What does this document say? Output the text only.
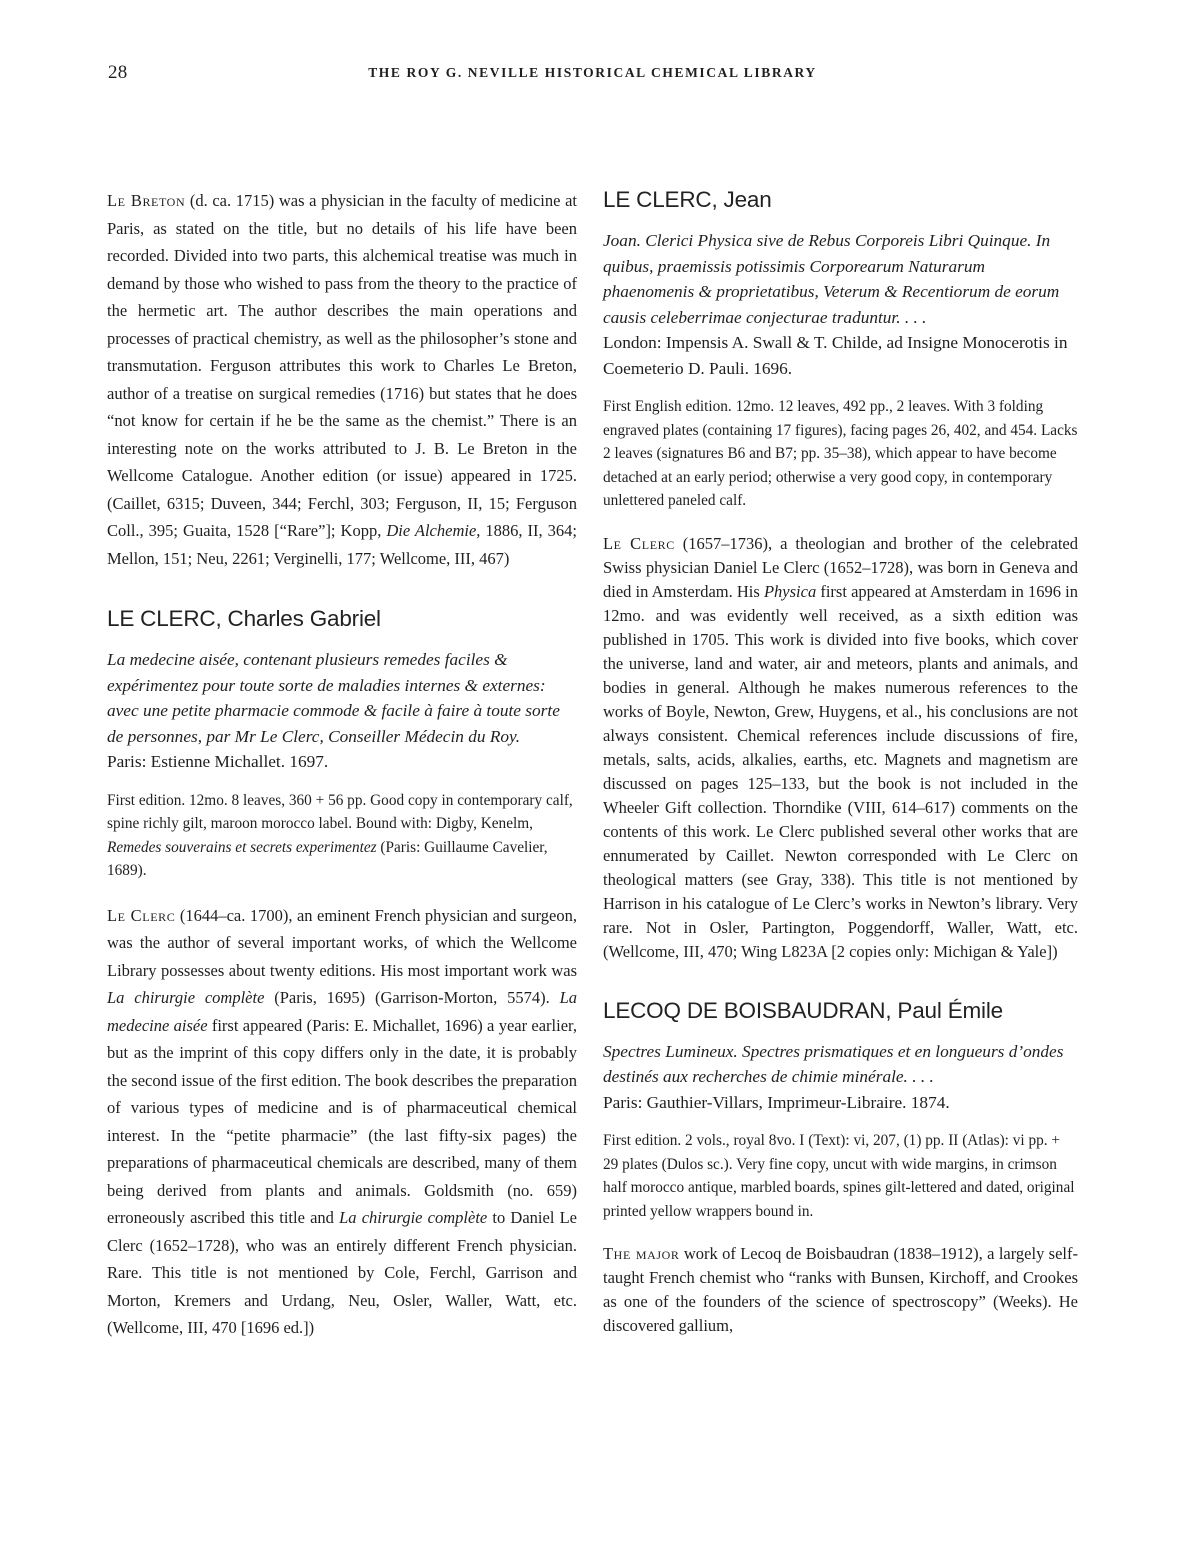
28	THE ROY G. NEVILLE HISTORICAL CHEMICAL LIBRARY

Le Breton (d. ca. 1715) was a physician in the faculty of medicine at Paris, as stated on the title, but no details of his life have been recorded. Divided into two parts, this alchemical treatise was much in demand by those who wished to pass from the theory to the practice of the hermetic art. The author describes the main operations and processes of practical chemistry, as well as the philosopher’s stone and transmutation. Ferguson attributes this work to Charles Le Breton, author of a treatise on surgical remedies (1716) but states that he does “not know for certain if he be the same as the chemist.” There is an interesting note on the works attributed to J. B. Le Breton in the Wellcome Catalogue. Another edition (or issue) appeared in 1725. (Caillet, 6315; Duveen, 344; Ferchl, 303; Ferguson, II, 15; Ferguson Coll., 395; Guaita, 1528 [“Rare”]; Kopp, Die Alchemie, 1886, II, 364; Mellon, 151; Neu, 2261; Verginelli, 177; Wellcome, III, 467)

LE CLERC, Charles Gabriel

La medecine aisée, contenant plusieurs remedes faciles & expérimentez pour toute sorte de maladies internes & externes: avec une petite pharmacie commode & facile à faire à toute sorte de personnes, par Mr Le Clerc, Conseiller Médecin du Roy.
Paris: Estienne Michallet. 1697.

First edition. 12mo. 8 leaves, 360 + 56 pp. Good copy in contemporary calf, spine richly gilt, maroon morocco label. Bound with: Digby, Kenelm, Remedes souverains et secrets experimentez (Paris: Guillaume Cavelier, 1689).

Le Clerc (1644–ca. 1700), an eminent French physician and surgeon, was the author of several important works, of which the Wellcome Library possesses about twenty editions. His most important work was La chirurgie complète (Paris, 1695) (Garrison-Morton, 5574). La medecine aisée first appeared (Paris: E. Michallet, 1696) a year earlier, but as the imprint of this copy differs only in the date, it is probably the second issue of the first edition. The book describes the preparation of various types of medicine and is of pharmaceutical chemical interest. In the “petite pharmacie” (the last fifty-six pages) the preparations of pharmaceutical chemicals are described, many of them being derived from plants and animals. Goldsmith (no. 659) erroneously ascribed this title and La chirurgie complète to Daniel Le Clerc (1652–1728), who was an entirely different French physician. Rare. This title is not mentioned by Cole, Ferchl, Garrison and Morton, Kremers and Urdang, Neu, Osler, Waller, Watt, etc. (Wellcome, III, 470 [1696 ed.])

LE CLERC, Jean

Joan. Clerici Physica sive de Rebus Corporeis Libri Quinque. In quibus, praemissis potissimis Corporearum Naturarum phaenomenis & proprietatibus, Veterum & Recentiorum de eorum causis celeberrimae conjecturae traduntur. . . .
London: Impensis A. Swall & T. Childe, ad Insigne Monocerotis in Coemeterio D. Pauli. 1696.

First English edition. 12mo. 12 leaves, 492 pp., 2 leaves. With 3 folding engraved plates (containing 17 figures), facing pages 26, 402, and 454. Lacks 2 leaves (signatures B6 and B7; pp. 35–38), which appear to have become detached at an early period; otherwise a very good copy, in contemporary unlettered paneled calf.

Le Clerc (1657–1736), a theologian and brother of the celebrated Swiss physician Daniel Le Clerc (1652–1728), was born in Geneva and died in Amsterdam. His Physica first appeared at Amsterdam in 1696 in 12mo. and was evidently well received, as a sixth edition was published in 1705. This work is divided into five books, which cover the universe, land and water, air and meteors, plants and animals, and bodies in general. Although he makes numerous references to the works of Boyle, Newton, Grew, Huygens, et al., his conclusions are not always consistent. Chemical references include discussions of fire, metals, salts, acids, alkalies, earths, etc. Magnets and magnetism are discussed on pages 125–133, but the book is not included in the Wheeler Gift collection. Thorndike (VIII, 614–617) comments on the contents of this work. Le Clerc published several other works that are ennumerated by Caillet. Newton corresponded with Le Clerc on theological matters (see Gray, 338). This title is not mentioned by Harrison in his catalogue of Le Clerc’s works in Newton’s library. Very rare. Not in Osler, Partington, Poggendorff, Waller, Watt, etc. (Wellcome, III, 470; Wing L823A [2 copies only: Michigan & Yale])

LECOQ DE BOISBAUDRAN, Paul Émile

Spectres Lumineux. Spectres prismatiques et en longueurs d’ondes destinés aux recherches de chimie minérale. . . .
Paris: Gauthier-Villars, Imprimeur-Libraire. 1874.

First edition. 2 vols., royal 8vo. I (Text): vi, 207, (1) pp. II (Atlas): vi pp. + 29 plates (Dulos sc.). Very fine copy, uncut with wide margins, in crimson half morocco antique, marbled boards, spines gilt-lettered and dated, original printed yellow wrappers bound in.

The major work of Lecoq de Boisbaudran (1838–1912), a largely self-taught French chemist who “ranks with Bunsen, Kirchoff, and Crookes as one of the founders of the science of spectroscopy” (Weeks). He discovered gallium,
